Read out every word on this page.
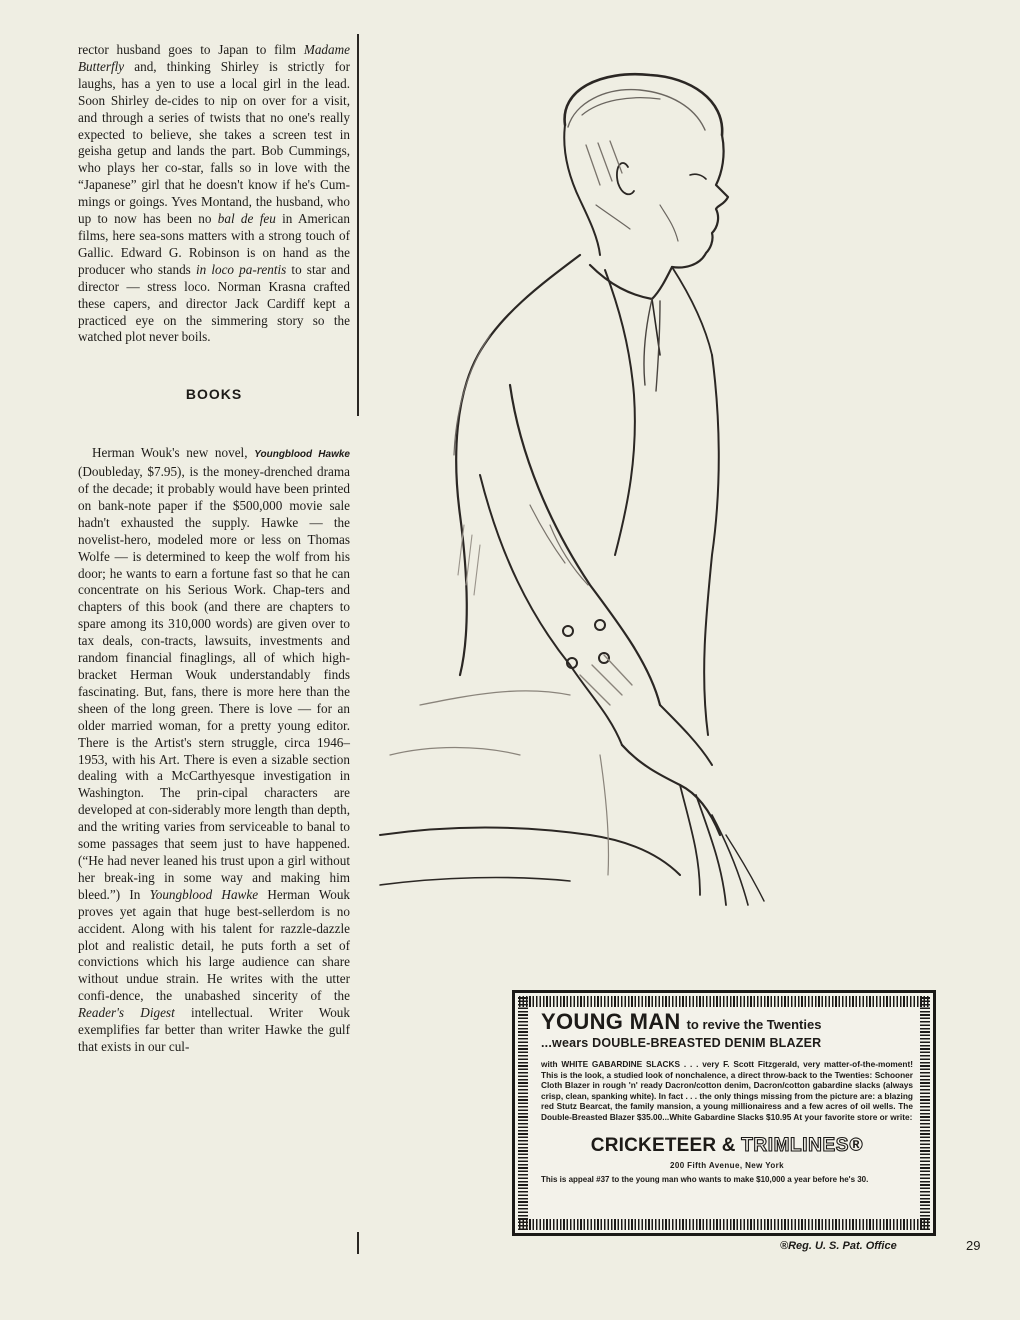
rector husband goes to Japan to film Madame Butterfly and, thinking Shirley is strictly for laughs, has a yen to use a local girl in the lead. Soon Shirley de-cides to nip on over for a visit, and through a series of twists that no one's really expected to believe, she takes a screen test in geisha getup and lands the part. Bob Cummings, who plays her co-star, falls so in love with the “Japanese” girl that he doesn't know if he's Cum-mings or goings. Yves Montand, the husband, who up to now has been no bal de feu in American films, here sea-sons matters with a strong touch of Gallic. Edward G. Robinson is on hand as the producer who stands in loco pa-rentis to star and director — stress loco. Norman Krasna crafted these capers, and director Jack Cardiff kept a practiced eye on the simmering story so the watched plot never boils.

BOOKS

Herman Wouk's new novel, Youngblood Hawke (Doubleday, $7.95), is the money-drenched drama of the decade; it probably would have been printed on bank-note paper if the $500,000 movie sale hadn't exhausted the supply. Hawke — the novelist-hero, modeled more or less on Thomas Wolfe — is determined to keep the wolf from his door; he wants to earn a fortune fast so that he can concentrate on his Serious Work. Chap-ters and chapters of this book (and there are chapters to spare among its 310,000 words) are given over to tax deals, con-tracts, lawsuits, investments and random financial finaglings, all of which high-bracket Herman Wouk understandably finds fascinating. But, fans, there is more here than the sheen of the long green. There is love — for an older married woman, for a pretty young editor. There is the Artist's stern struggle, circa 1946–1953, with his Art. There is even a sizable section dealing with a McCarthyesque investigation in Washington. The prin-cipal characters are developed at con-siderably more length than depth, and the writing varies from serviceable to banal to some passages that seem just to have happened. (“He had never leaned his trust upon a girl without her break-ing in some way and making him bleed.”) In Youngblood Hawke Herman Wouk proves yet again that huge best-sellerdom is no accident. Along with his talent for razzle-dazzle plot and realistic detail, he puts forth a set of convictions which his large audience can share without undue strain. He writes with the utter confi-dence, the unabashed sincerity of the Reader's Digest intellectual. Writer Wouk exemplifies far better than writer Hawke the gulf that exists in our cul-

YOUNG MAN to revive the Twenties
...wears DOUBLE-BREASTED DENIM BLAZER
with WHITE GABARDINE SLACKS . . . very F. Scott Fitzgerald, very matter-of-the-moment! This is the look, a studied look of nonchalence, a direct throw-back to the Twenties: Schooner Cloth Blazer in rough 'n' ready Dacron/cotton denim, Dacron/cotton gabardine slacks (always crisp, clean, spanking white). In fact . . . the only things missing from the picture are: a blazing red Stutz Bearcat, the family mansion, a young millionairess and a few acres of oil wells. The Double-Breasted Blazer $35.00...White Gabardine Slacks $10.95 At your favorite store or write:
CRICKETEER & TRIMLINES®
200 Fifth Avenue, New York
This is appeal #37 to the young man who wants to make $10,000 a year before he's 30.
®Reg. U. S. Pat. Office	29
